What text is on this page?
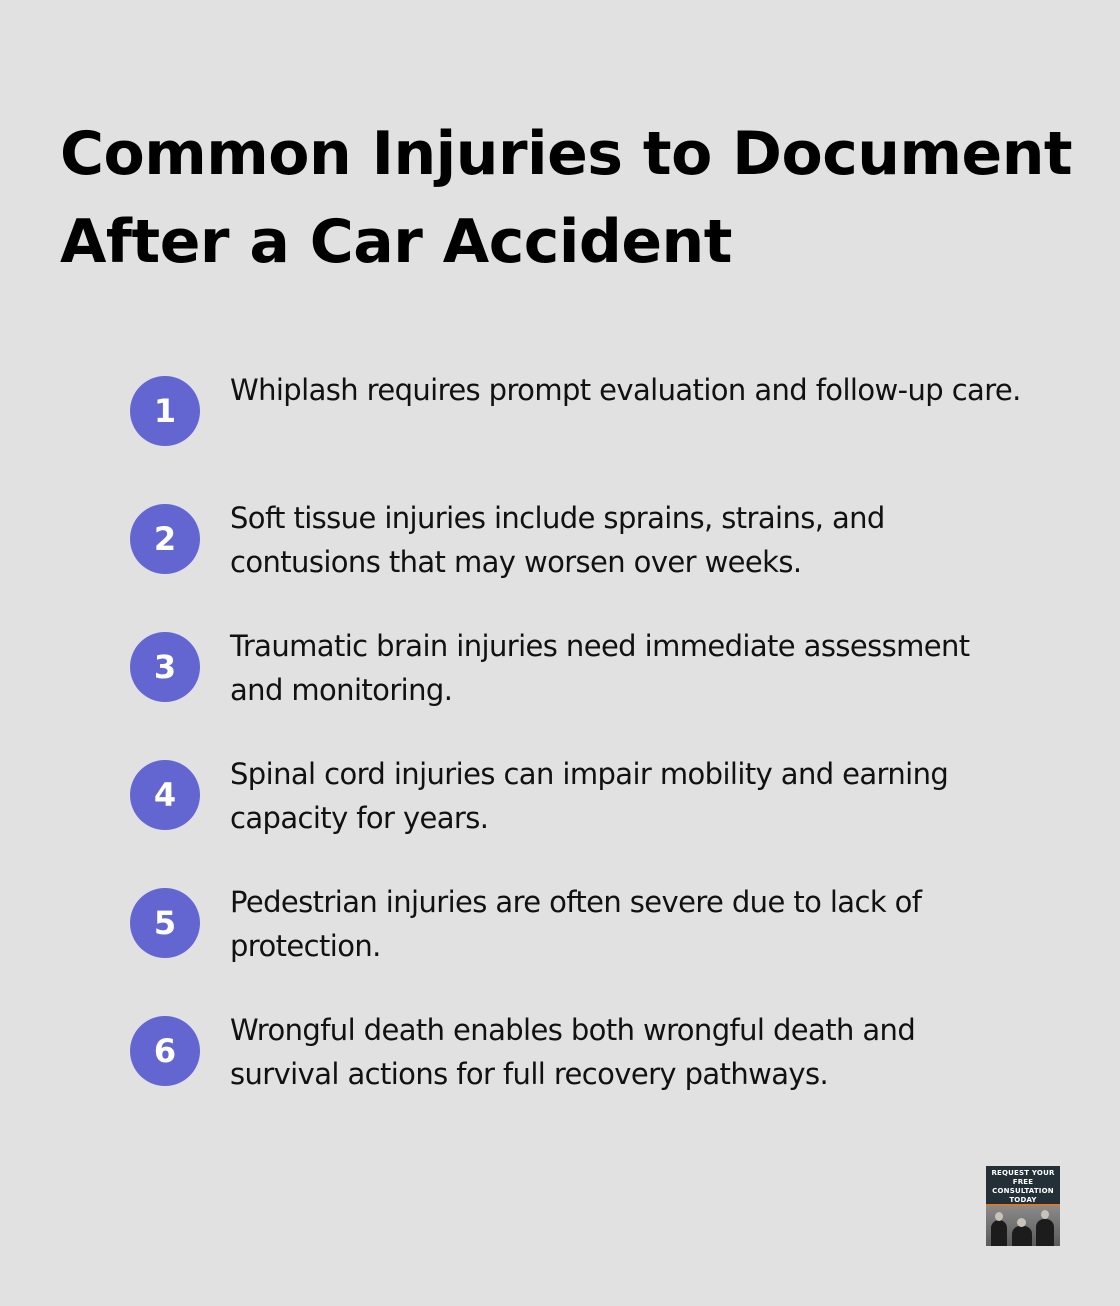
Common Injuries to Document After a Car Accident
1
Whiplash requires prompt evaluation and follow-up care.
2
Soft tissue injuries include sprains, strains, and contusions that may worsen over weeks.
3
Traumatic brain injuries need immediate assessment and monitoring.
4
Spinal cord injuries can impair mobility and earning capacity for years.
5
Pedestrian injuries are often severe due to lack of protection.
6
Wrongful death enables both wrongful death and survival actions for full recovery pathways.
REQUEST YOUR FREE CONSULTATION TODAY
